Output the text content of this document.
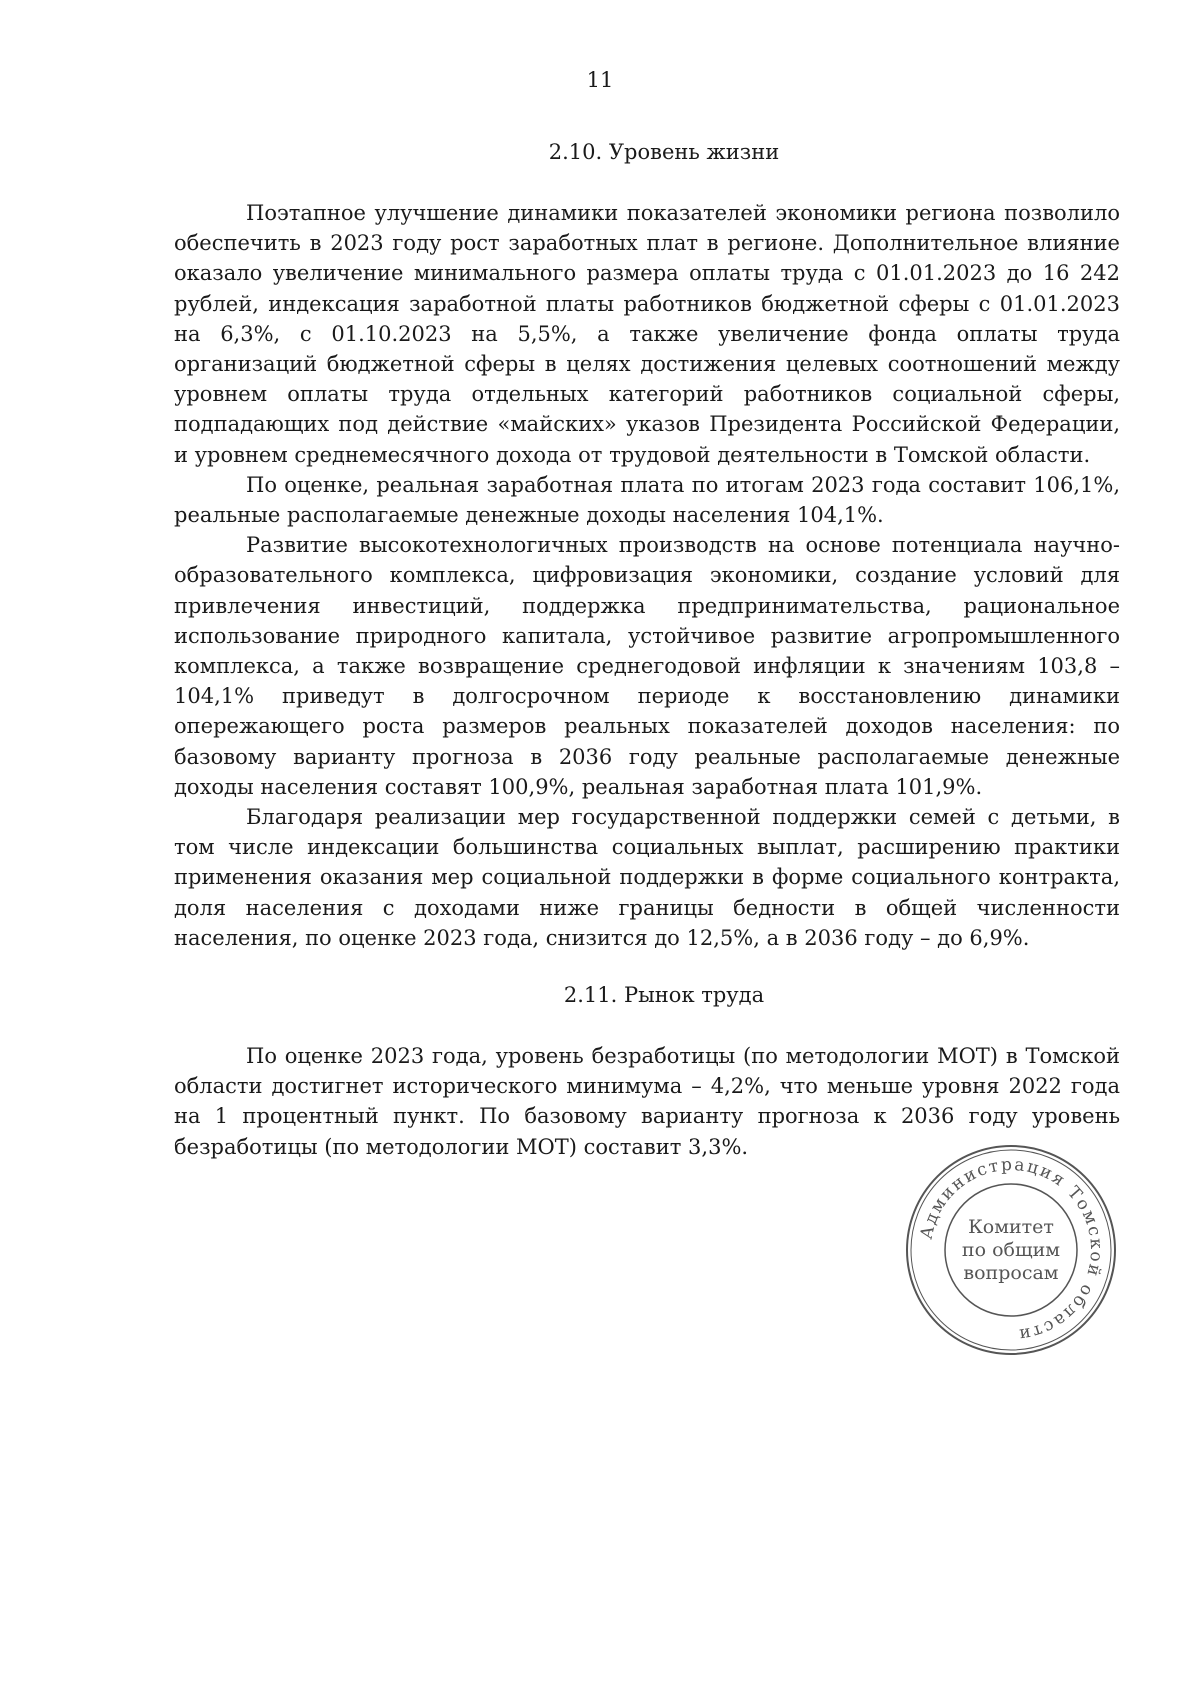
11
2.10. Уровень жизни

Поэтапное улучшение динамики показателей экономики региона позволило обеспечить в 2023 году рост заработных плат в регионе. Дополнительное влияние оказало увеличение минимального размера оплаты труда с 01.01.2023 до 16 242 рублей, индексация заработной платы работников бюджетной сферы с 01.01.2023 на 6,3%, с 01.10.2023 на 5,5%, а также увеличение фонда оплаты труда организаций бюджетной сферы в целях достижения целевых соотношений между уровнем оплаты труда отдельных категорий работников социальной сферы, подпадающих под действие «майских» указов Президента Российской Федерации, и уровнем среднемесячного дохода от трудовой деятельности в Томской области.

По оценке, реальная заработная плата по итогам 2023 года составит 106,1%, реальные располагаемые денежные доходы населения 104,1%.

Развитие высокотехнологичных производств на основе потенциала научно-образовательного комплекса, цифровизация экономики, создание условий для привлечения инвестиций, поддержка предпринимательства, рациональное использование природного капитала, устойчивое развитие агропромышленного комплекса, а также возвращение среднегодовой инфляции к значениям 103,8 – 104,1% приведут в долгосрочном периоде к восстановлению динамики опережающего роста размеров реальных показателей доходов населения: по базовому варианту прогноза в 2036 году реальные располагаемые денежные доходы населения составят 100,9%, реальная заработная плата 101,9%.

Благодаря реализации мер государственной поддержки семей с детьми, в том числе индексации большинства социальных выплат, расширению практики применения оказания мер социальной поддержки в форме социального контракта, доля населения с доходами ниже границы бедности в общей численности населения, по оценке 2023 года, снизится до 12,5%, а в 2036 году – до 6,9%.

2.11. Рынок труда

По оценке 2023 года, уровень безработицы (по методологии МОТ) в Томской области достигнет исторического минимума – 4,2%, что меньше уровня 2022 года на 1 процентный пункт. По базовому варианту прогноза к 2036 году уровень безработицы (по методологии МОТ) составит 3,3%.

Администрация Томской области
Комитет
по общим
вопросам
